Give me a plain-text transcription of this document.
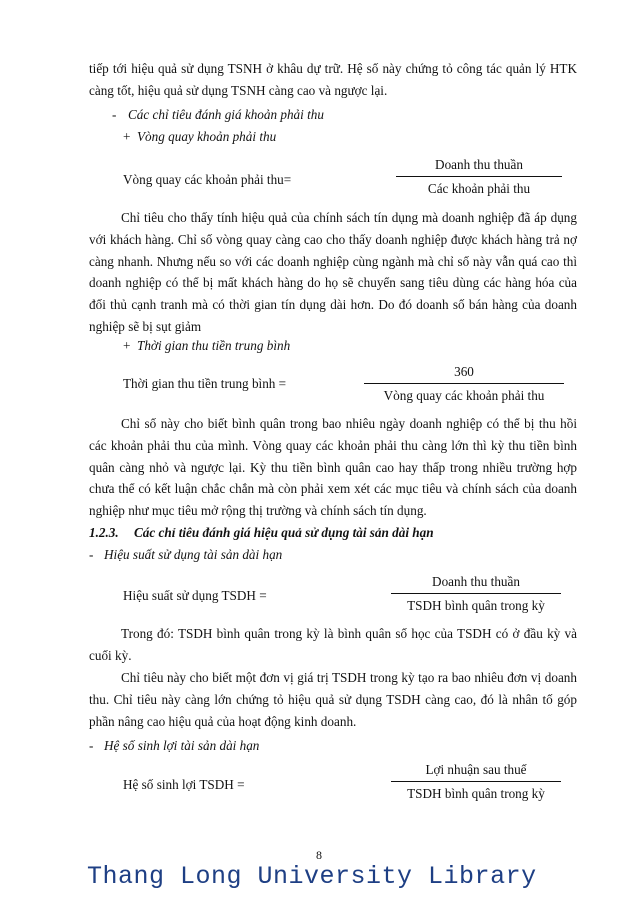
tiếp tới hiệu quả sử dụng TSNH ở khâu dự trữ. Hệ số này chứng tỏ công tác quản lý HTK càng tốt, hiệu quả sử dụng TSNH càng cao và ngược lại.

- Các chỉ tiêu đánh giá khoản phải thu
+ Vòng quay khoản phải thu
Vòng quay các khoản phải thu=
Doanh thu thuần
Các khoản phải thu

Chỉ tiêu cho thấy tính hiệu quả của chính sách tín dụng mà doanh nghiệp đã áp dụng với khách hàng. Chỉ số vòng quay càng cao cho thấy doanh nghiệp được khách hàng trả nợ càng nhanh. Nhưng nếu so với các doanh nghiệp cùng ngành mà chỉ số này vẫn quá cao thì doanh nghiệp có thể bị mất khách hàng do họ sẽ chuyển sang tiêu dùng các hàng hóa của đối thủ cạnh tranh mà có thời gian tín dụng dài hơn. Do đó doanh số bán hàng của doanh nghiệp sẽ bị sụt giảm

+ Thời gian thu tiền trung bình
Thời gian thu tiền trung bình =
360
Vòng quay các khoản phải thu

Chỉ số này cho biết bình quân trong bao nhiêu ngày doanh nghiệp có thể bị thu hồi các khoản phải thu của mình. Vòng quay các khoản phải thu càng lớn thì kỳ thu tiền bình quân càng nhỏ và ngược lại. Kỳ thu tiền bình quân cao hay thấp trong nhiều trường hợp chưa thể có kết luận chắc chắn mà còn phải xem xét các mục tiêu và chính sách của doanh nghiệp như mục tiêu mở rộng thị trường và chính sách tín dụng.

1.2.3. Các chỉ tiêu đánh giá hiệu quả sử dụng tài sản dài hạn
- Hiệu suất sử dụng tài sản dài hạn
Hiệu suất sử dụng TSDH =
Doanh thu thuần
TSDH bình quân trong kỳ

Trong đó: TSDH bình quân trong kỳ là bình quân số học của TSDH có ở đầu kỳ và cuối kỳ.

Chỉ tiêu này cho biết một đơn vị giá trị TSDH trong kỳ tạo ra bao nhiêu đơn vị doanh thu. Chỉ tiêu này càng lớn chứng tỏ hiệu quả sử dụng TSDH càng cao, đó là nhân tố góp phần nâng cao hiệu quả của hoạt động kinh doanh.

- Hệ số sinh lợi tài sản dài hạn
Hệ số sinh lợi TSDH =
Lợi nhuận sau thuế
TSDH bình quân trong kỳ
8
Thang Long University Library
